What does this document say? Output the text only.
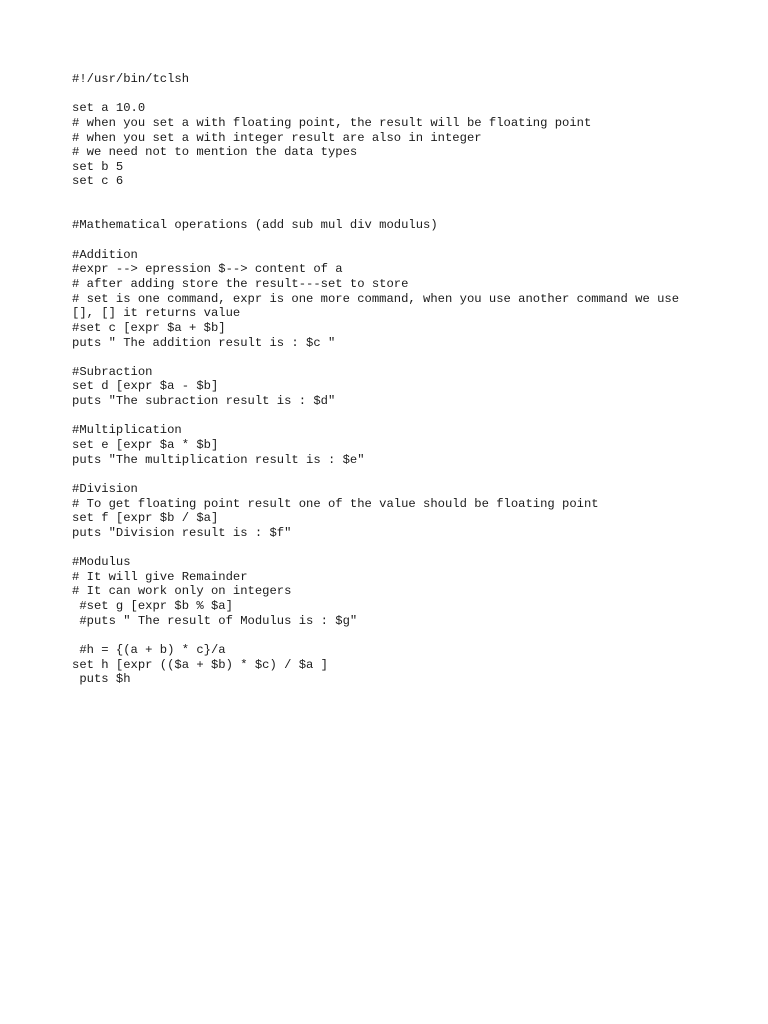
#!/usr/bin/tclsh
set a 10.0
# when you set a with floating point, the result will be floating point
# when you set a with integer result are also in integer
# we need not to mention the data types
set b 5
set c 6
#Mathematical operations (add sub mul div modulus)
#Addition
#expr --> epression $--> content of a
# after adding store the result---set to store
# set is one command, expr is one more command, when you use another command we use
[], [] it returns value
#set c [expr $a + $b]
puts " The addition result is : $c "
#Subraction
set d [expr $a - $b]
puts "The subraction result is : $d"
#Multiplication
set e [expr $a * $b]
puts "The multiplication result is : $e"
#Division
# To get floating point result one of the value should be floating point
set f [expr $b / $a]
puts "Division result is : $f"
#Modulus
# It will give Remainder
# It can work only on integers
#set g [expr $b % $a]
#puts " The result of Modulus is : $g"
#h = {(a + b) * c}/a
set h [expr (($a + $b) * $c) / $a ]
puts $h
